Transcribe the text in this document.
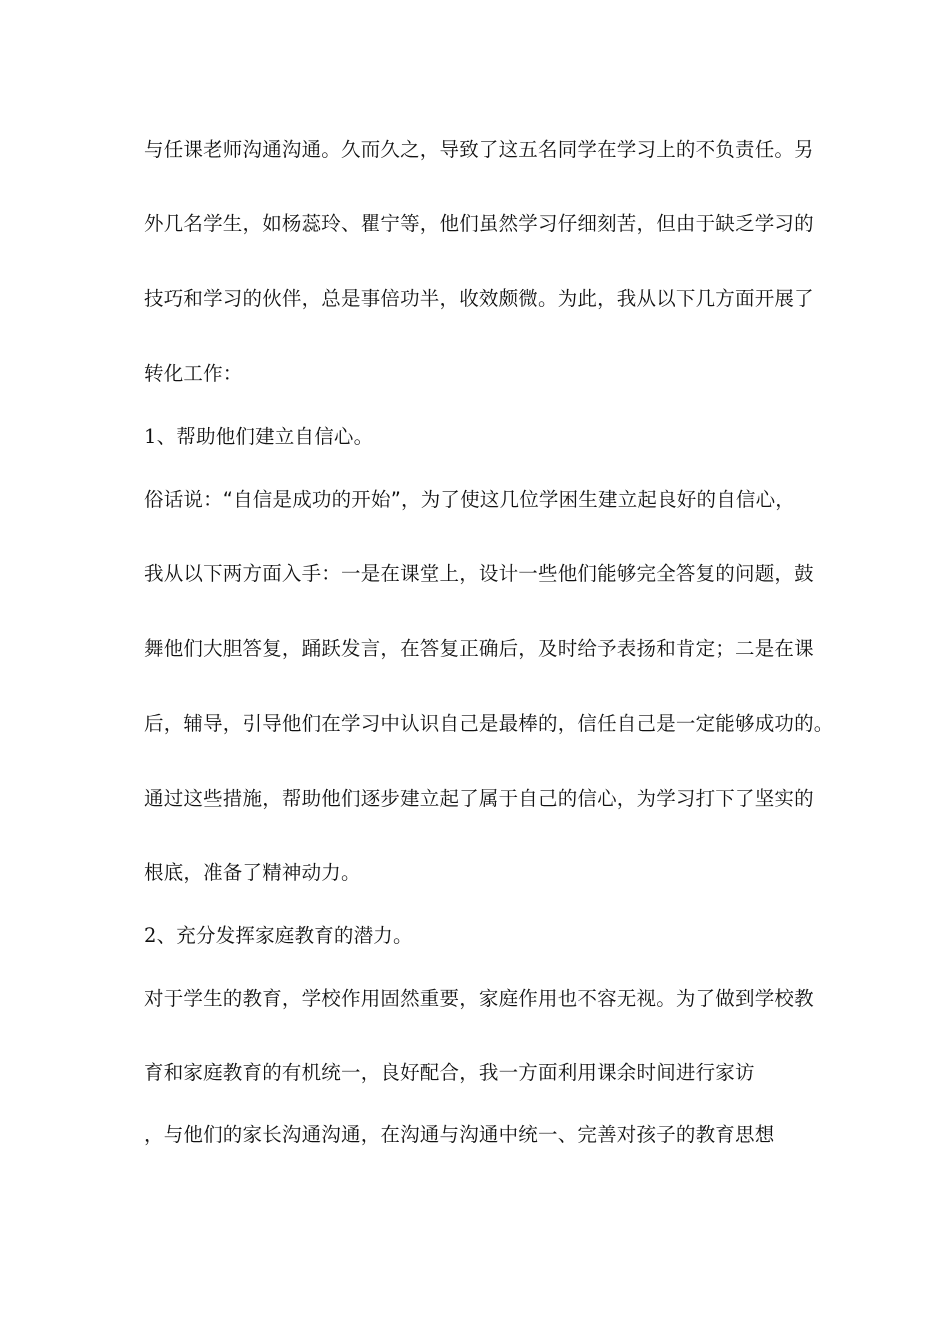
与任课老师沟通沟通。久而久之，导致了这五名同学在学习上的不负责任。另
外几名学生，如杨蕊玲、瞿宁等，他们虽然学习仔细刻苦，但由于缺乏学习的
技巧和学习的伙伴，总是事倍功半，收效颇微。为此，我从以下几方面开展了
转化工作：
1、帮助他们建立自信心。
俗话说：“自信是成功的开始”，为了使这几位学困生建立起良好的自信心，
我从以下两方面入手：一是在课堂上，设计一些他们能够完全答复的问题，鼓
舞他们大胆答复，踊跃发言，在答复正确后，及时给予表扬和肯定；二是在课
后，辅导，引导他们在学习中认识自己是最棒的，信任自己是一定能够成功的。
通过这些措施，帮助他们逐步建立起了属于自己的信心，为学习打下了坚实的
根底，准备了精神动力。
2、充分发挥家庭教育的潜力。
对于学生的教育，学校作用固然重要，家庭作用也不容无视。为了做到学校教
育和家庭教育的有机统一，良好配合，我一方面利用课余时间进行家访
，与他们的家长沟通沟通，在沟通与沟通中统一、完善对孩子的教育思想
